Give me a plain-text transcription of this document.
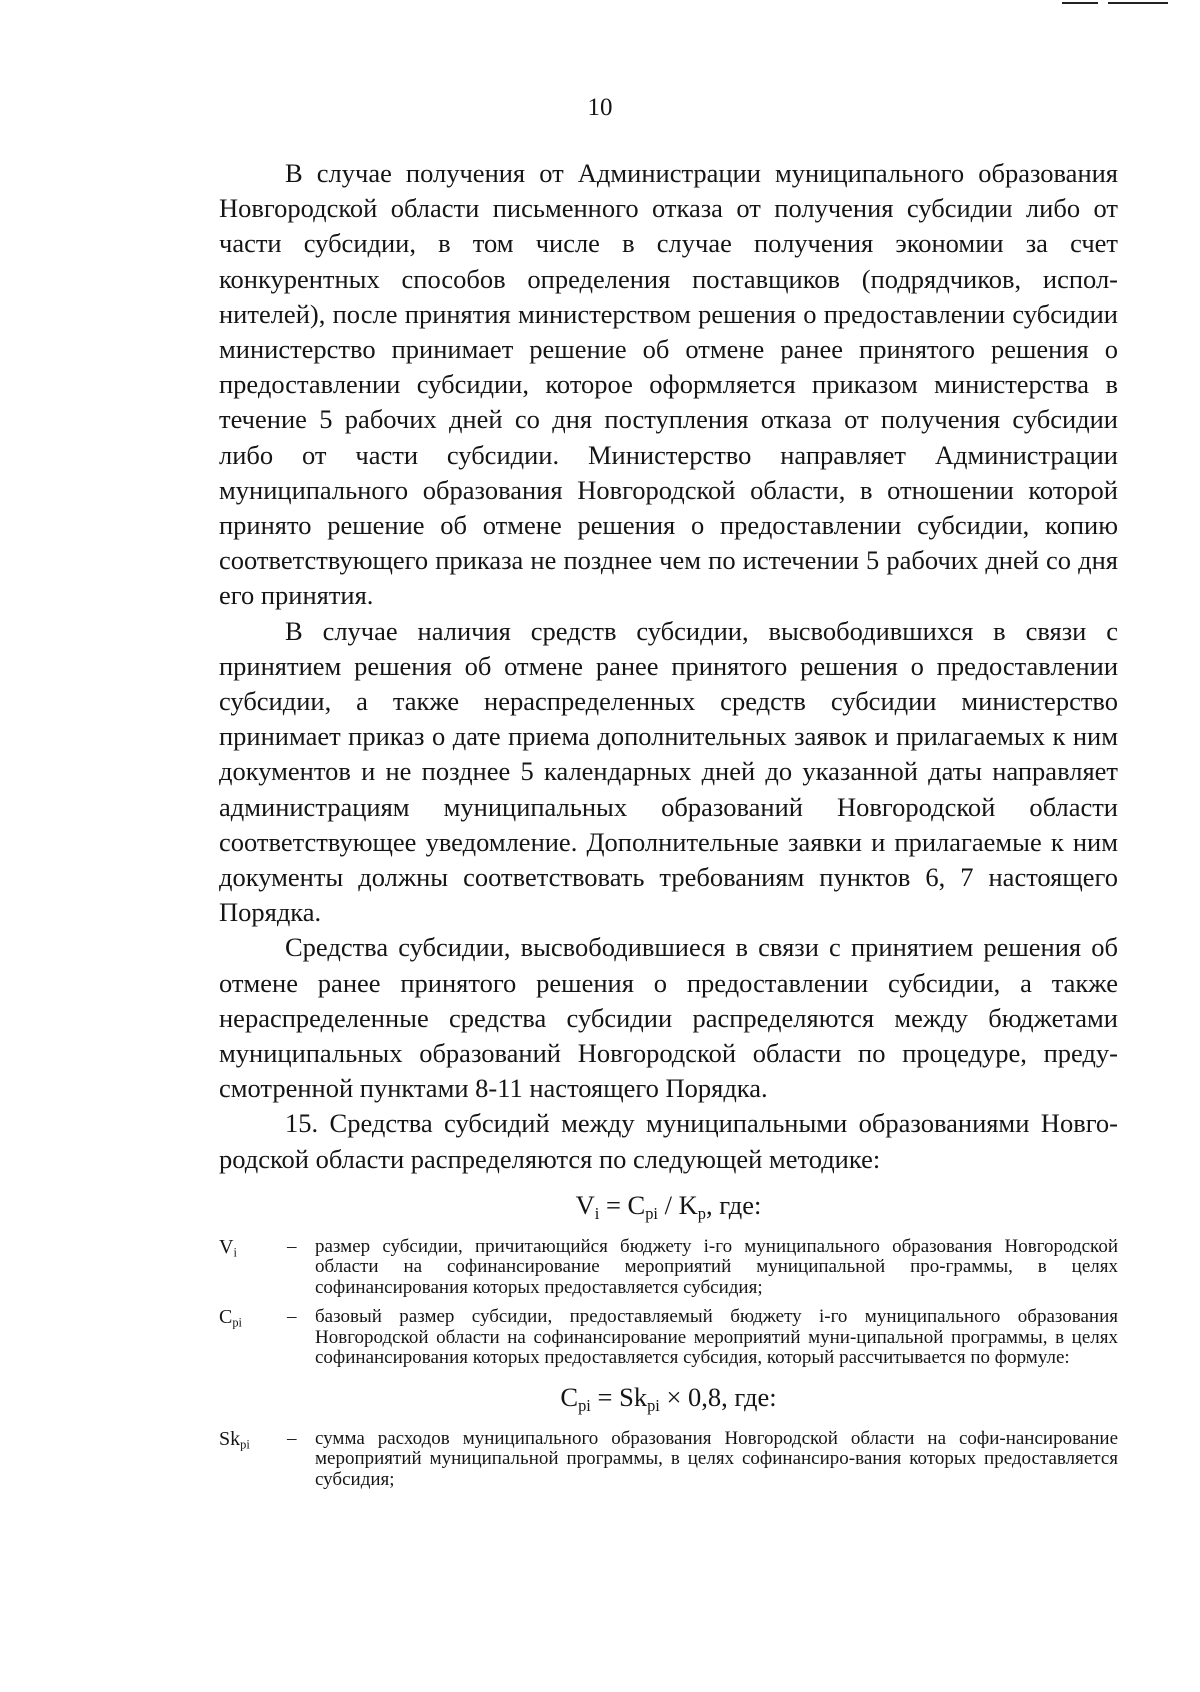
10

В случае получения от Администрации муниципального образования Новгородской области письменного отказа от получения субсидии либо от части субсидии, в том числе в случае получения экономии за счет конкурентных способов определения поставщиков (подрядчиков, испол-нителей), после принятия министерством решения о предоставлении субсидии министерство принимает решение об отмене ранее принятого решения о предоставлении субсидии, которое оформляется приказом министерства в течение 5 рабочих дней со дня поступления отказа от получения субсидии либо от части субсидии. Министерство направляет Администрации муниципального образования Новгородской области, в отношении которой принято решение об отмене решения о предоставлении субсидии, копию соответствующего приказа не позднее чем по истечении 5 рабочих дней со дня его принятия.

В случае наличия средств субсидии, высвободившихся в связи с принятием решения об отмене ранее принятого решения о предоставлении субсидии, а также нераспределенных средств субсидии министерство принимает приказ о дате приема дополнительных заявок и прилагаемых к ним документов и не позднее 5 календарных дней до указанной даты направляет администрациям муниципальных образований Новгородской области соответствующее уведомление. Дополнительные заявки и прилагаемые к ним документы должны соответствовать требованиям пунктов 6, 7 настоящего Порядка.

Средства субсидии, высвободившиеся в связи с принятием решения об отмене ранее принятого решения о предоставлении субсидии, а также нераспределенные средства субсидии распределяются между бюджетами муниципальных образований Новгородской области по процедуре, преду-смотренной пунктами 8-11 настоящего Порядка.

15. Средства субсидий между муниципальными образованиями Новго-родской области распределяются по следующей методике:

$V_i = C_{pi} / K_p$, где:
$V_i$	– размер субсидии, причитающийся бюджету i-го муниципального образования Новгородской области на софинансирование мероприятий муниципальной про-граммы, в целях софинансирования которых предоставляется субсидия;
$C_{pi}$	– базовый размер субсидии, предоставляемый бюджету i-го муниципального образования Новгородской области на софинансирование мероприятий муни-ципальной программы, в целях софинансирования которых предоставляется субсидия, который рассчитывается по формуле:
$C_{pi} = Sk_{pi} \times 0,8$, где:
$Sk_{pi}$	– сумма расходов муниципального образования Новгородской области на софи-нансирование мероприятий муниципальной программы, в целях софинансиро-вания которых предоставляется субсидия;
